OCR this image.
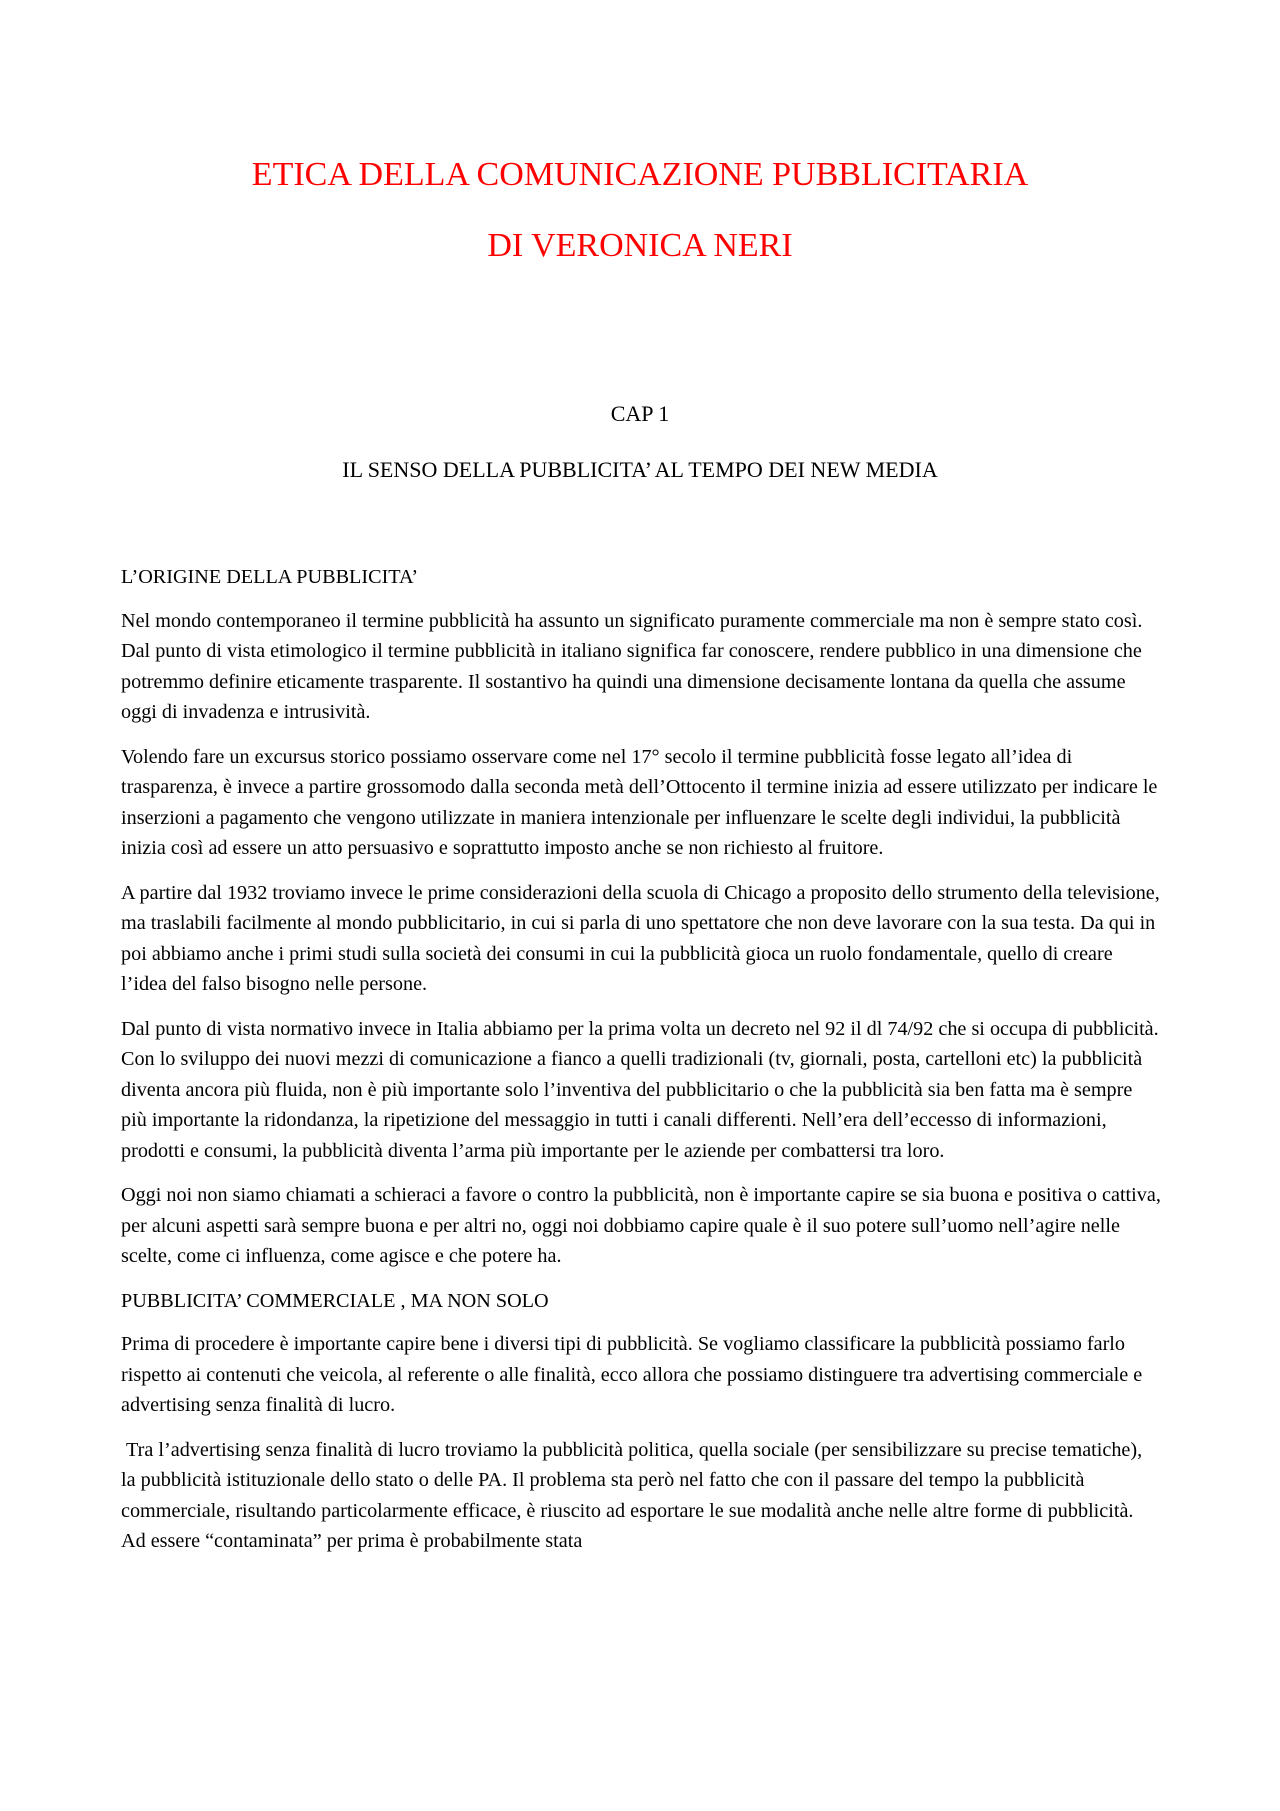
ETICA DELLA COMUNICAZIONE PUBBLICITARIA
DI VERONICA NERI
CAP 1
IL SENSO DELLA PUBBLICITA’ AL TEMPO DEI NEW MEDIA
L’ORIGINE DELLA PUBBLICITA’

Nel mondo contemporaneo il termine pubblicità ha assunto un significato puramente commerciale ma non è sempre stato così. Dal punto di vista etimologico il termine pubblicità in italiano significa far conoscere, rendere pubblico in una dimensione che potremmo definire eticamente trasparente. Il sostantivo ha quindi una dimensione decisamente lontana da quella che assume oggi di invadenza e intrusività.

Volendo fare un excursus storico possiamo osservare come nel 17° secolo il termine pubblicità fosse legato all’idea di trasparenza, è invece a partire grossomodo dalla seconda metà dell’Ottocento il termine inizia ad essere utilizzato per indicare le inserzioni a pagamento che vengono utilizzate in maniera intenzionale per influenzare le scelte degli individui, la pubblicità inizia così ad essere un atto persuasivo e soprattutto imposto anche se non richiesto al fruitore.

A partire dal 1932 troviamo invece le prime considerazioni della scuola di Chicago a proposito dello strumento della televisione, ma traslabili facilmente al mondo pubblicitario, in cui si parla di uno spettatore che non deve lavorare con la sua testa. Da qui in poi abbiamo anche i primi studi sulla società dei consumi in cui la pubblicità gioca un ruolo fondamentale, quello di creare l’idea del falso bisogno nelle persone.

Dal punto di vista normativo invece in Italia abbiamo per la prima volta un decreto nel 92 il dl 74/92 che si occupa di pubblicità. Con lo sviluppo dei nuovi mezzi di comunicazione a fianco a quelli tradizionali (tv, giornali, posta, cartelloni etc) la pubblicità diventa ancora più fluida, non è più importante solo l’inventiva del pubblicitario o che la pubblicità sia ben fatta ma è sempre più importante la ridondanza, la ripetizione del messaggio in tutti i canali differenti. Nell’era dell’eccesso di informazioni, prodotti e consumi, la pubblicità diventa l’arma più importante per le aziende per combattersi tra loro.

Oggi noi non siamo chiamati a schieraci a favore o contro la pubblicità, non è importante capire se sia buona e positiva o cattiva, per alcuni aspetti sarà sempre buona e per altri no, oggi noi dobbiamo capire quale è il suo potere sull’uomo nell’agire nelle scelte, come ci influenza, come agisce e che potere ha.

PUBBLICITA’ COMMERCIALE , MA NON SOLO

Prima di procedere è importante capire bene i diversi tipi di pubblicità. Se vogliamo classificare la pubblicità possiamo farlo rispetto ai contenuti che veicola, al referente o alle finalità, ecco allora che possiamo distinguere tra advertising commerciale e advertising senza finalità di lucro.

Tra l’advertising senza finalità di lucro troviamo la pubblicità politica, quella sociale (per sensibilizzare su precise tematiche), la pubblicità istituzionale dello stato o delle PA. Il problema sta però nel fatto che con il passare del tempo la pubblicità commerciale, risultando particolarmente efficace, è riuscito ad esportare le sue modalità anche nelle altre forme di pubblicità. Ad essere “contaminata” per prima è probabilmente stata
